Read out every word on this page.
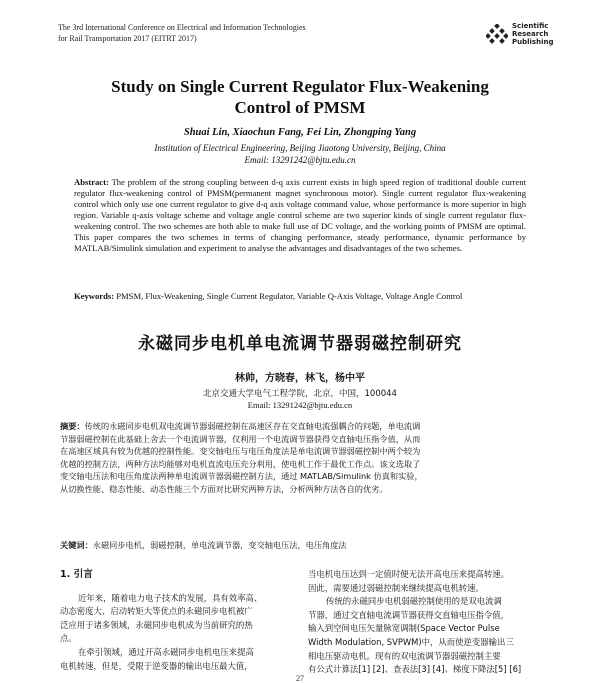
The 3rd International Conference on Electrical and Information Technologies
for Rail Transportation 2017 (EITRT 2017)
Scientific
Research
Publishing
Study on Single Current Regulator Flux-Weakening
Control of PMSM
Shuai Lin, Xiaochun Fang, Fei Lin, Zhongping Yang
Institution of Electrical Engineering, Beijing Jiaotong University, Beijing, China
Email: 13291242@bjtu.edu.cn
Abstract: The problem of the strong coupling between d-q axis current exists in high speed region of traditional double current regulator flux-weakening control of PMSM(permanent magnet synchronous motor). Single current regulator flux-weakening control which only use one current regulator to give d-q axis voltage command value, whose performance is more superior in high region. Variable q-axis voltage scheme and voltage angle control scheme are two superior kinds of single current regulator flux-weakening control. The two schemes are both able to make full use of DC voltage, and the working points of PMSM are optimal. This paper compares the two schemes in terms of changing performance, steady performance, dynamic performance by MATLAB/Simulink simulation and experiment to analyse the advantages and disadvantages of the two schemes.
Keywords: PMSM, Flux-Weakening, Single Current Regulator, Variable Q-Axis Voltage, Voltage Angle Control
永磁同步电机单电流调节器弱磁控制研究
林帅，方晓春，林飞，杨中平
北京交通大学电气工程学院，北京，中国，100044
Email: 13291242@bjtu.edu.cn
摘要：传统的永磁同步电机双电流调节器弱磁控制在高速区存在交直轴电流强耦合的问题，单电流调
节器弱磁控制在此基础上舍去一个电流调节器，仅利用一个电流调节器获得交直轴电压指令值，从而
在高速区域具有较为优越的控制性能。变交轴电压与电压角度法是单电流调节器弱磁控制中两个较为
优越的控制方法，两种方法均能够对电机直流电压充分利用，使电机工作于最优工作点。该文选取了
变交轴电压法和电压角度法两种单电流调节器弱磁控制方法，通过 MATLAB/Simulink 仿真和实验，
从切换性能、稳态性能、动态性能三个方面对比研究两种方法，分析两种方法各自的优劣。
关键词：永磁同步电机，弱磁控制，单电流调节器，变交轴电压法，电压角度法
1. 引言
近年来，随着电力电子技术的发展，具有效率高、
动态密度大、启动转矩大等优点的永磁同步电机被广
泛应用于诸多领域，永磁同步电机成为当前研究的热
点。
在牵引领域，通过开高永磁同步电机电压来提高
电机转速，但是，受限于逆变器的输出电压最大值，
当电机电压达到一定值时便无法开高电压来提高转速。
因此，需要通过弱磁控制来继续提高电机转速。
传统的永磁同步电机弱磁控制使用的是双电流调
节器，通过交直轴电流调节器获得交直轴电压指令值，
输入到空间电压矢量脉宽调制(Space Vector Pulse
Width Modulation, SVPWM)中，从而使逆变器输出三
相电压驱动电机。现有的双电流调节器弱磁控制主要
有公式计算法[1] [2]、查表法[3] [4]、梯度下降法[5] [6]
27
